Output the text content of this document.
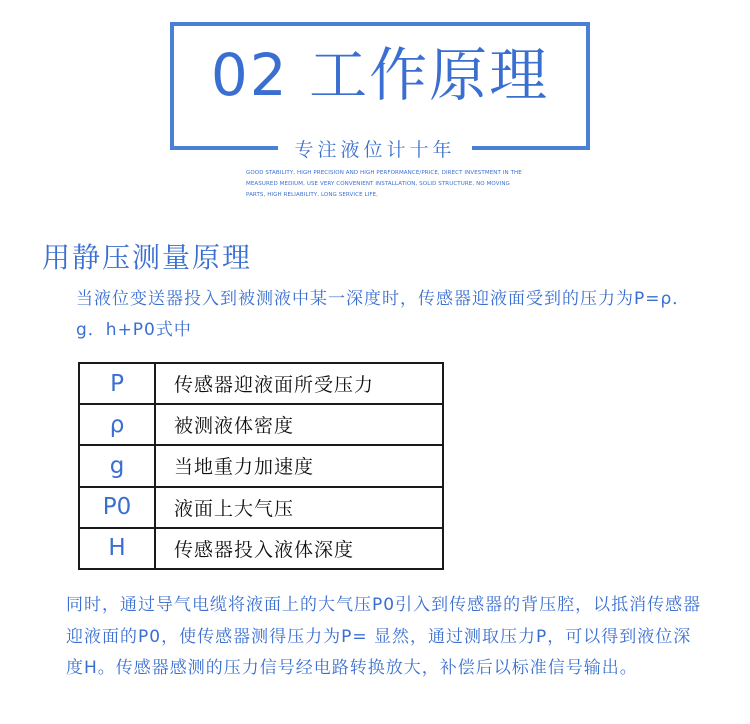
02 工作原理
专注液位计十年
GOOD STABILITY, HIGH PRECISION AND HIGH PERFORMANCE/PRICE, DIRECT INVESTMENT IN THE MEASURED MEDIUM, USE VERY CONVENIENT INSTALLATION, SOLID STRUCTURE, NO MOVING PARTS, HIGH RELIABILITY, LONG SERVICE LIFE。
用静压测量原理
当液位变送器投入到被测液中某一深度时，传感器迎液面受到的压力为P=ρ．g．h+P0式中
P	传感器迎液面所受压力
ρ	被测液体密度
g	当地重力加速度
P0	液面上大气压
H	传感器投入液体深度
同时，通过导气电缆将液面上的大气压P0引入到传感器的背压腔，以抵消传感器迎液面的P0，使传感器测得压力为P= 显然，通过测取压力P，可以得到液位深度H。传感器感测的压力信号经电路转换放大，补偿后以标准信号输出。
